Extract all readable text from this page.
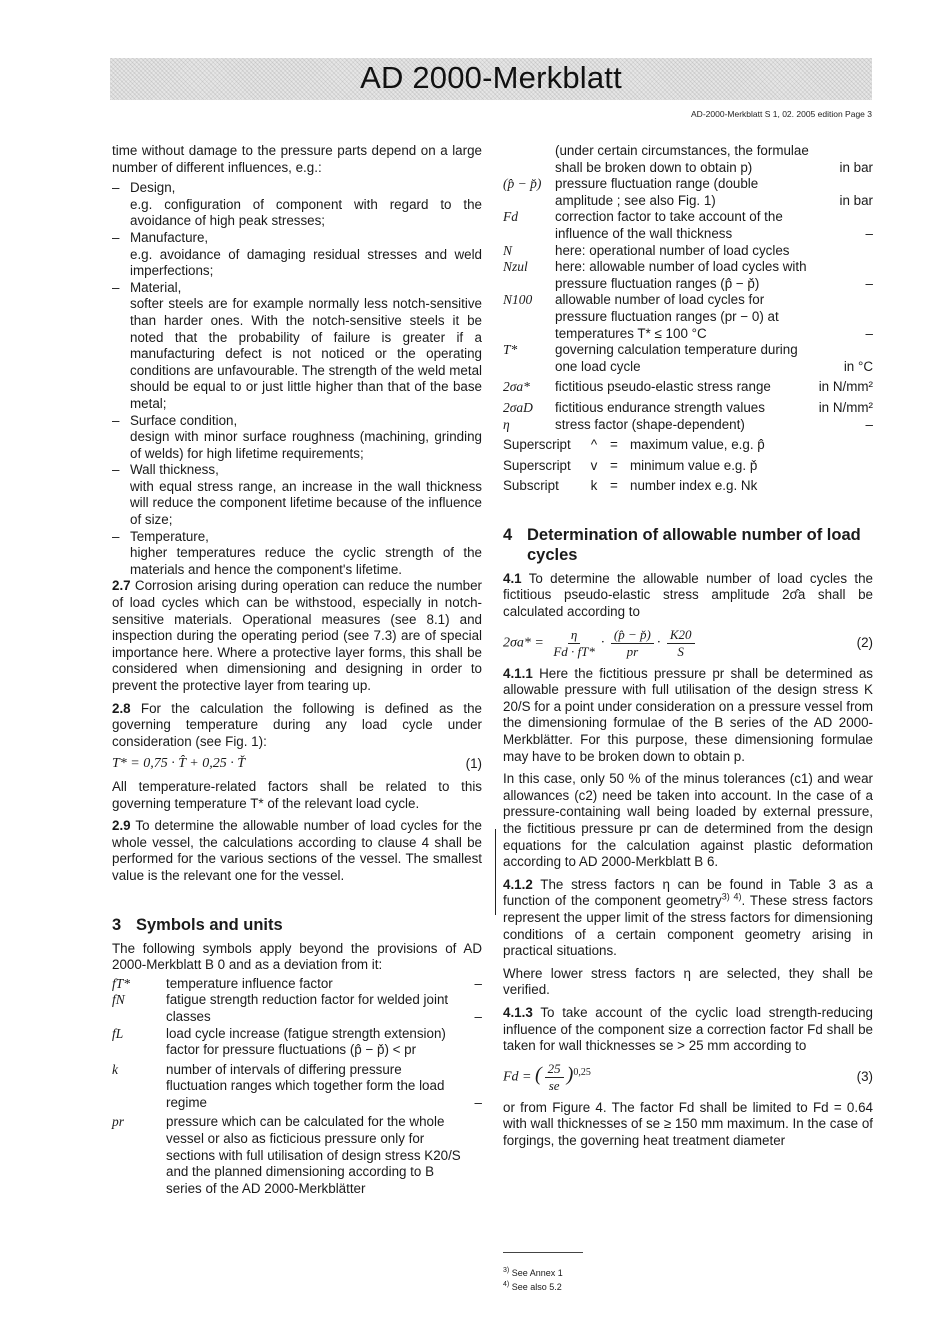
AD 2000-Merkblatt
AD-2000-Merkblatt S 1, 02. 2005 edition Page 3

time without damage to the pressure parts depend on a large number of different influences, e.g.:

– Design,
e.g. configuration of component with regard to the avoidance of high peak stresses;
– Manufacture,
e.g. avoidance of damaging residual stresses and weld imperfections;
– Material,
softer steels are for example normally less notch-sensitive than harder ones. With the notch-sensitive steels it be noted that the probability of failure is greater if a manufacturing defect is not noticed or the operating conditions are unfavourable. The strength of the weld metal should be equal to or just little higher than that of the base metal;
– Surface condition,
design with minor surface roughness (machining, grinding of welds) for high lifetime requirements;
– Wall thickness,
with equal stress range, an increase in the wall thickness will reduce the component lifetime because of the influence of size;
– Temperature,
higher temperatures reduce the cyclic strength of the materials and hence the component's lifetime.

2.7 Corrosion arising during operation can reduce the number of load cycles which can be withstood, especially in notch-sensitive materials. Operational measures (see 8.1) and inspection during the operating period (see 7.3) are of special importance here. Where a protective layer forms, this shall be considered when dimensioning and designing in order to prevent the protective layer from tearing up.

2.8 For the calculation the following is defined as the governing temperature during any load cycle under consideration (see Fig. 1):

T* = 0,75 · T̂ + 0,25 · Ť	(1)

All temperature-related factors shall be related to this governing temperature T* of the relevant load cycle.

2.9 To determine the allowable number of load cycles for the whole vessel, the calculations according to clause 4 shall be performed for the various sections of the vessel. The smallest value is the relevant one for the vessel.

3 Symbols and units

The following symbols apply beyond the provisions of AD 2000-Merkblatt B 0 and as a deviation from it:

fT*	temperature influence factor	–
fN	fatigue strength reduction factor for welded joint classes	–
fL	load cycle increase (fatigue strength extension) factor for pressure fluctuations (p̂ − p̌) < pr
k	number of intervals of differing pressure fluctuation ranges which together form the load regime	–
pr	pressure which can be calculated for the whole vessel or also as ficticious pressure only for sections with full utilisation of design stress K20/S and the planned dimensioning according to B series of the AD 2000-Merkblätter
(under certain circumstances, the formulae shall be broken down to obtain p)	in bar
(p̂ − p̌)	pressure fluctuation range (double amplitude ; see also Fig. 1)	in bar
Fd	correction factor to take account of the influence of the wall thickness	–
N	here: operational number of load cycles
Nzul	here: allowable number of load cycles with pressure fluctuation ranges (p̂ − p̌)	–
N100	allowable number of load cycles for pressure fluctuation ranges (pr − 0) at temperatures T* ≤ 100 °C	–
T*	governing calculation temperature during one load cycle	in °C
2σa*	fictitious pseudo-elastic stress range	in N/mm²
2σaD	fictitious endurance strength values	in N/mm²
η	stress factor (shape-dependent)	–
Superscript	^ = maximum value, e.g. p̂
Superscript	v = minimum value e.g. p̌
Subscript	k = number index e.g. Nk
4 Determination of allowable number of load cycles

4.1 To determine the allowable number of load cycles the fictitious pseudo-elastic stress amplitude 2σ̂a shall be calculated according to

$2\sigma a* = \frac{\eta}{Fd \cdot fT*} \cdot \frac{(p̂ - p̌)}{pr} \cdot \frac{K20}{S}$	(2)

4.1.1 Here the fictitious pressure pr shall be determined as allowable pressure with full utilisation of the design stress K 20/S for a point under consideration on a pressure vessel from the dimensioning formulae of the B series of the AD 2000-Merkblätter. For this purpose, these dimensioning formulae may have to be broken down to obtain p.

In this case, only 50 % of the minus tolerances (c1) and wear allowances (c2) need be taken into account. In the case of a pressure-containing wall being loaded by external pressure, the fictitious pressure pr can de determined from the design equations for the calculation against plastic deformation according to AD 2000-Merkblatt B 6.

4.1.2 The stress factors η can be found in Table 3 as a function of the component geometry$^{3) 4)}$. These stress factors represent the upper limit of the stress factors for dimensioning conditions of a certain component geometry arising in practical situations.

Where lower stress factors η are selected, they shall be verified.

4.1.3 To take account of the cyclic load strength-reducing influence of the component size a correction factor Fd shall be taken for wall thicknesses se > 25 mm according to

Fd = ( $\frac{25}{se} )^{0,25}$	(3)

or from Figure 4. The factor Fd shall be limited to Fd = 0.64 with wall thicknesses of se ≥ 150 mm maximum. In the case of forgings, the governing heat treatment diameter

$^{3)}$ See Annex 1
$^{4)}$ See also 5.2
